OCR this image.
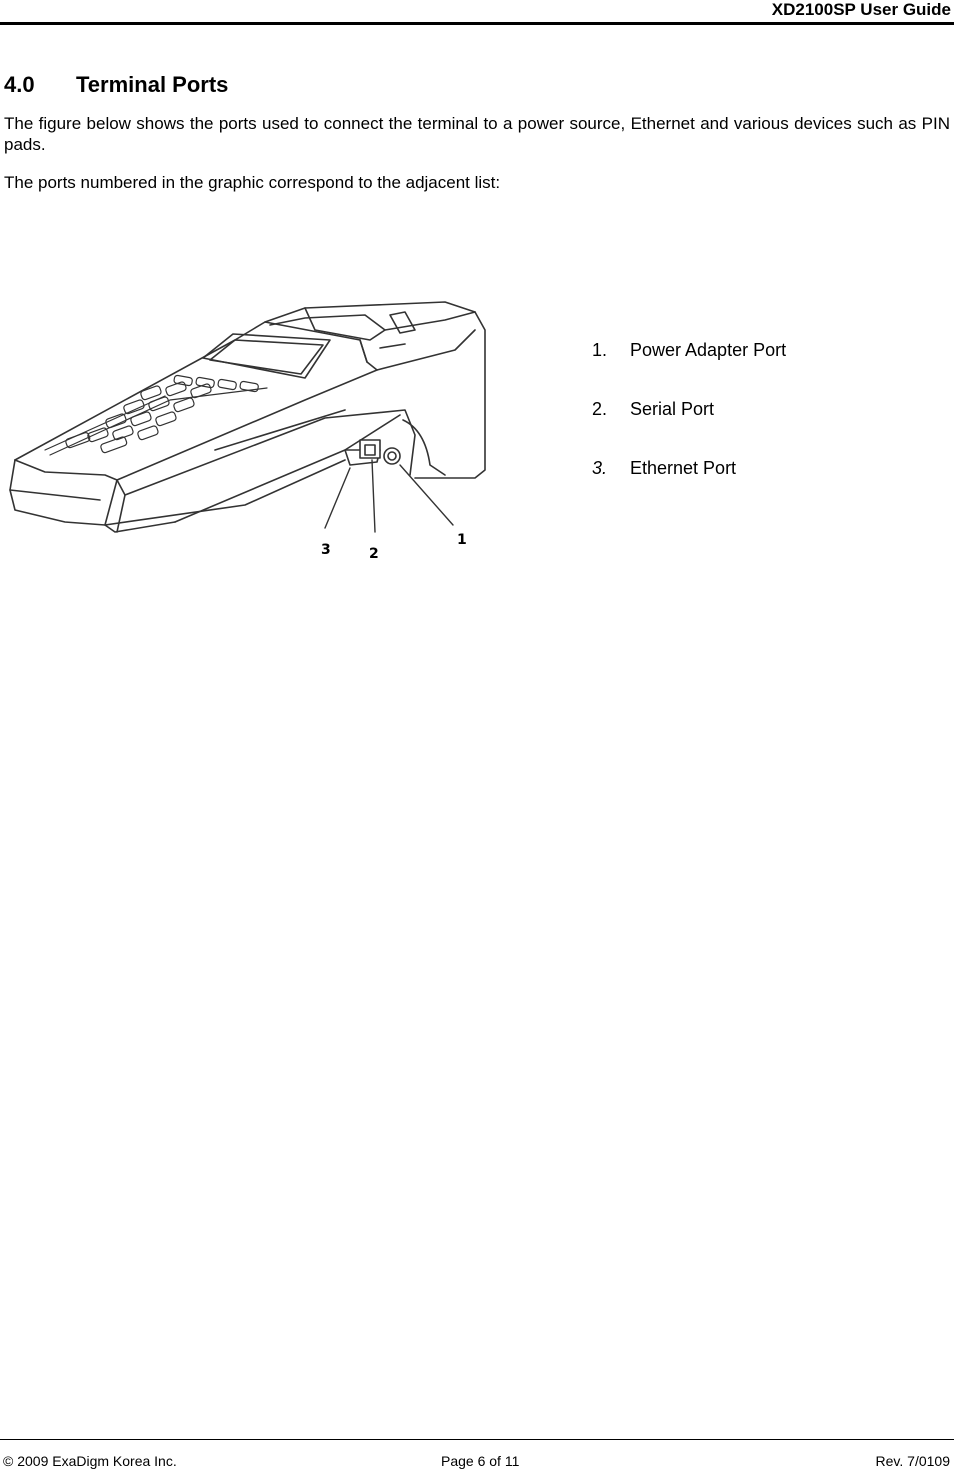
XD2100SP User Guide
4.0	Terminal Ports
The figure below shows the ports used to connect the terminal to a power source, Ethernet and various devices such as PIN pads.
The ports numbered in the graphic correspond to the adjacent list:
3	2
1
1. Power Adapter Port
2. Serial Port
3. Ethernet Port
© 2009 ExaDigm Korea Inc.	Page 6 of 11	Rev. 7/0109
